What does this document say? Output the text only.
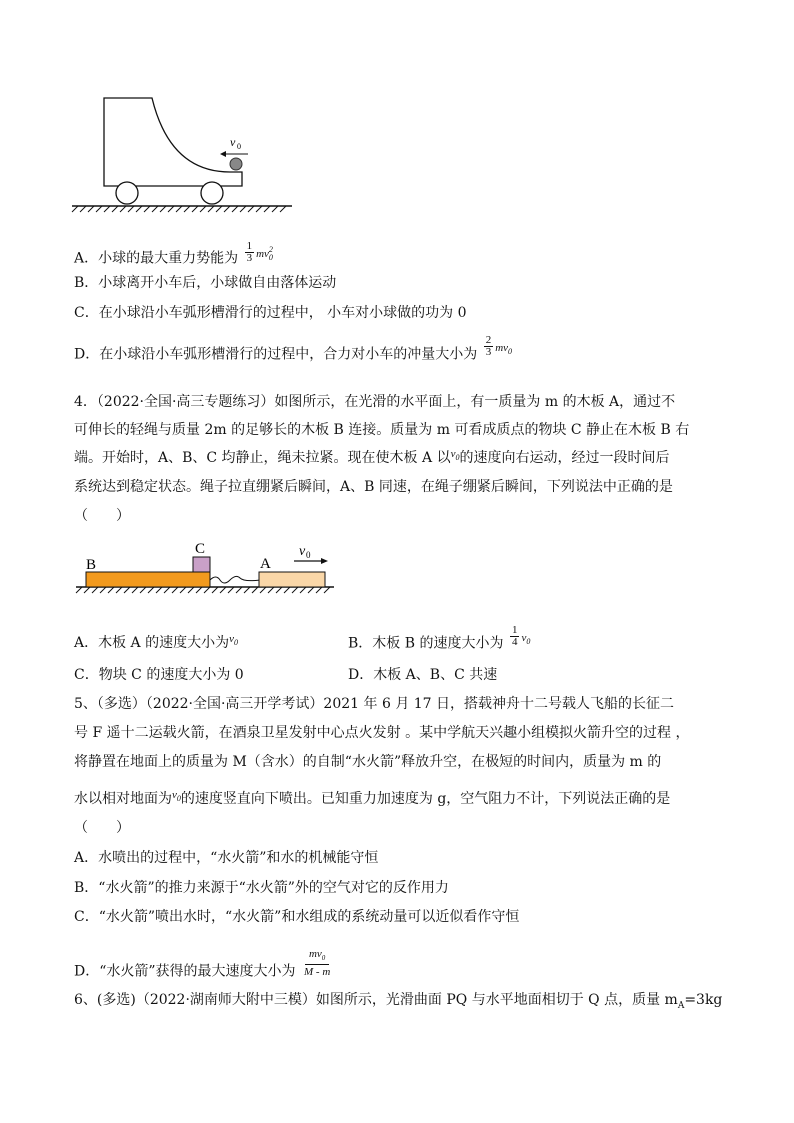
v 0
A．小球的最大重力势能为 $\frac{1}{3} ^{mv_0^2}$
B．小球离开小车后，小球做自由落体运动
C．在小球沿小车弧形槽滑行的过程中， 小车对小球做的功为 0
D．在小球沿小车弧形槽滑行的过程中，合力对小车的冲量大小为 $\frac{2}{3} ^{mv_0}$
4．（2022·全国·高三专题练习）如图所示，在光滑的水平面上，有一质量为 m 的木板 A，通过不
可伸长的轻绳与质量 2m 的足够长的木板 B 连接。质量为 m 可看成质点的物块 C 静止在木板 B 右
端。开始时，A、B、C 均静止，绳未拉紧。现在使木板 A 以$^{v_0}$的速度向右运动，经过一段时间后
系统达到稳定状态。绳子拉直绷紧后瞬间，A、B 同速，在绳子绷紧后瞬间，下列说法中正确的是
（　　）
B
C
A
v 0
A．木板 A 的速度大小为$^{v_0}$	B．木板 B 的速度大小为 $\frac{1}{4} ^{v_0}$
C．物块 C 的速度大小为 0	D．木板 A、B、C 共速
5、（多选）（2022·全国·高三开学考试）2021 年 6 月 17 日，搭载神舟十二号载人飞船的长征二
号 F 遥十二运载火箭，在酒泉卫星发射中心点火发射 。某中学航天兴趣小组模拟火箭升空的过程 ，
将静置在地面上的质量为 M（含水）的自制“水火箭”释放升空，在极短的时间内，质量为 m 的
水以相对地面为$^{v_0}$的速度竖直向下喷出。已知重力加速度为 g，空气阻力不计，下列说法正确的是
（　　）
A．水喷出的过程中，“水火箭”和水的机械能守恒
B．“水火箭”的推力来源于“水火箭”外的空气对它的反作用力
C．“水火箭”喷出水时，“水火箭”和水组成的系统动量可以近似看作守恒
D．“水火箭”获得的最大速度大小为 $\frac{mv_0}{M - m}$
6、(多选)（2022·湖南师大附中三模）如图所示，光滑曲面 PQ 与水平地面相切于 Q 点，质量 $m_A=3kg$
